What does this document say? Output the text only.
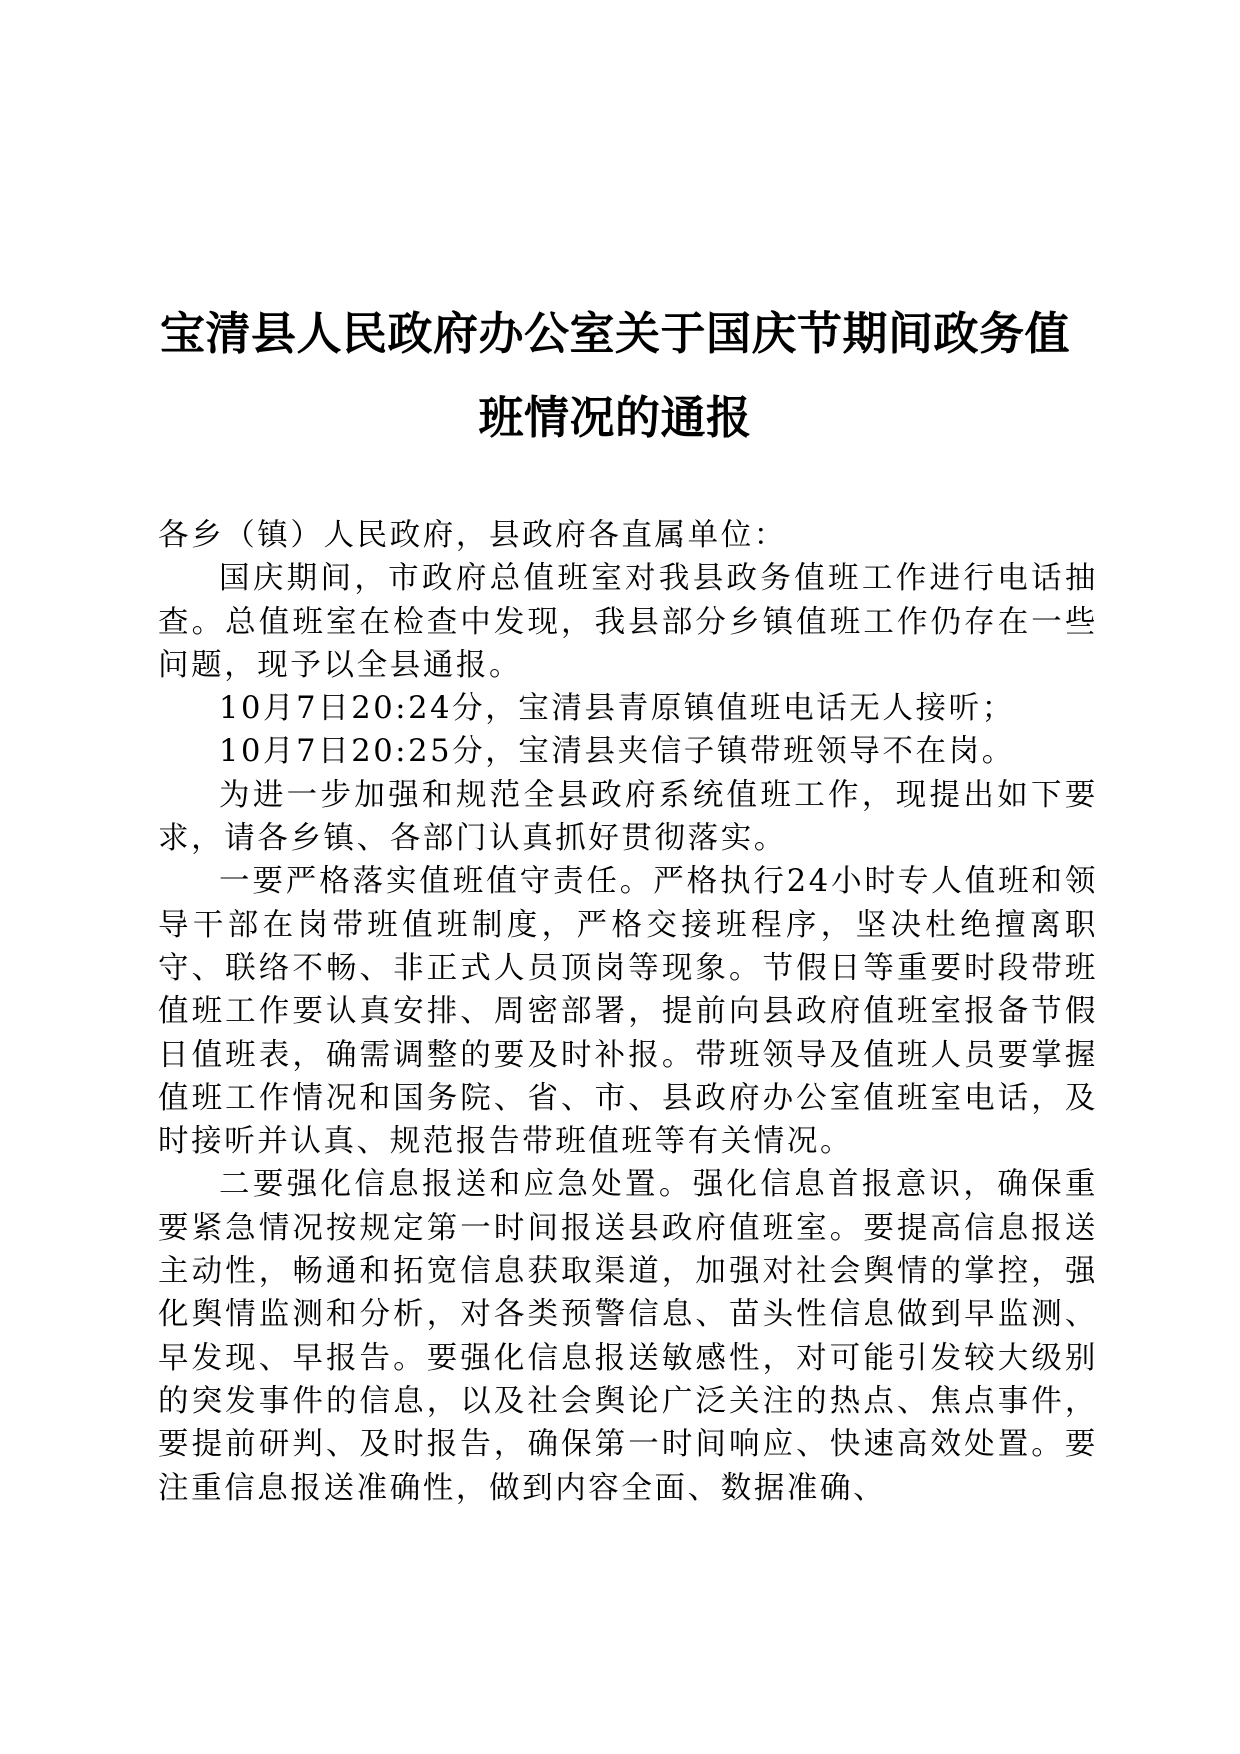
宝清县人民政府办公室关于国庆节期间政务值班情况的通报

各乡（镇）人民政府，县政府各直属单位：

国庆期间，市政府总值班室对我县政务值班工作进行电话抽查。总值班室在检查中发现，我县部分乡镇值班工作仍存在一些问题，现予以全县通报。

10月7日20:24分，宝清县青原镇值班电话无人接听；

10月7日20:25分，宝清县夹信子镇带班领导不在岗。

为进一步加强和规范全县政府系统值班工作，现提出如下要求，请各乡镇、各部门认真抓好贯彻落实。

一要严格落实值班值守责任。严格执行24小时专人值班和领导干部在岗带班值班制度，严格交接班程序，坚决杜绝擅离职守、联络不畅、非正式人员顶岗等现象。节假日等重要时段带班值班工作要认真安排、周密部署，提前向县政府值班室报备节假日值班表，确需调整的要及时补报。带班领导及值班人员要掌握值班工作情况和国务院、省、市、县政府办公室值班室电话，及时接听并认真、规范报告带班值班等有关情况。

二要强化信息报送和应急处置。强化信息首报意识，确保重要紧急情况按规定第一时间报送县政府值班室。要提高信息报送主动性，畅通和拓宽信息获取渠道，加强对社会舆情的掌控，强化舆情监测和分析，对各类预警信息、苗头性信息做到早监测、早发现、早报告。要强化信息报送敏感性，对可能引发较大级别的突发事件的信息，以及社会舆论广泛关注的热点、焦点事件，要提前研判、及时报告，确保第一时间响应、快速高效处置。要注重信息报送准确性，做到内容全面、数据准确、
